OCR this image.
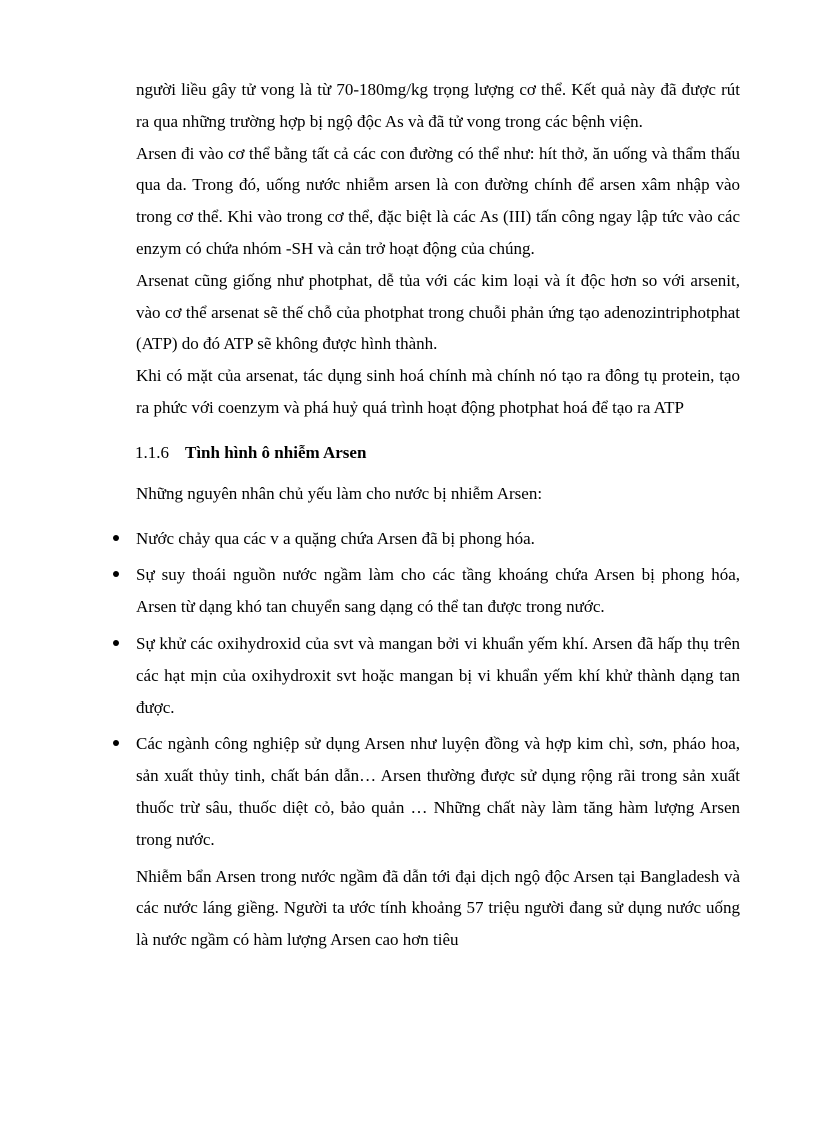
người liều gây tử vong là từ 70-180mg/kg trọng lượng cơ thể. Kết quả này đã được rút ra qua những trường hợp bị ngộ độc As và đã tử vong trong các bệnh viện.

Arsen đi vào cơ thể bằng tất cả các con đường có thể như: hít thở, ăn uống và thẩm thấu qua da. Trong đó, uống nước nhiễm arsen là con đường chính để arsen xâm nhập vào trong cơ thể. Khi vào trong cơ thể, đặc biệt là các As (III) tấn công ngay lập tức vào các enzym có chứa nhóm -SH và cản trở hoạt động của chúng.

Arsenat cũng giống như photphat, dễ tủa với các kim loại và ít độc hơn so với arsenit, vào cơ thể arsenat sẽ thế chỗ của photphat trong chuỗi phản ứng tạo adenozintriphotphat (ATP) do đó ATP sẽ không được hình thành.

Khi có mặt của arsenat, tác dụng sinh hoá chính mà chính nó tạo ra đông tụ protein, tạo ra phức với coenzym và phá huỷ quá trình hoạt động photphat hoá để tạo ra ATP

1.1.6 Tình hình ô nhiễm Arsen

Những nguyên nhân chủ yếu làm cho nước bị nhiễm Arsen:

Nước chảy qua các v a quặng chứa Arsen đã bị phong hóa.
Sự suy thoái nguồn nước ngầm làm cho các tầng khoáng chứa Arsen bị phong hóa, Arsen từ dạng khó tan chuyển sang dạng có thể tan được trong nước.
Sự khử các oxihydroxid của svt và mangan bởi vi khuẩn yếm khí. Arsen đã hấp thụ trên các hạt mịn của oxihydroxit svt hoặc mangan bị vi khuẩn yếm khí khử thành dạng tan được.
Các ngành công nghiệp sử dụng Arsen như luyện đồng và hợp kim chì, sơn, pháo hoa, sản xuất thủy tinh, chất bán dẫn… Arsen thường được sử dụng rộng rãi trong sản xuất thuốc trừ sâu, thuốc diệt cỏ, bảo quản … Những chất này làm tăng hàm lượng Arsen trong nước.

Nhiễm bẩn Arsen trong nước ngầm đã dẫn tới đại dịch ngộ độc Arsen tại Bangladesh và các nước láng giềng. Người ta ước tính khoảng 57 triệu người đang sử dụng nước uống là nước ngầm có hàm lượng Arsen cao hơn tiêu
